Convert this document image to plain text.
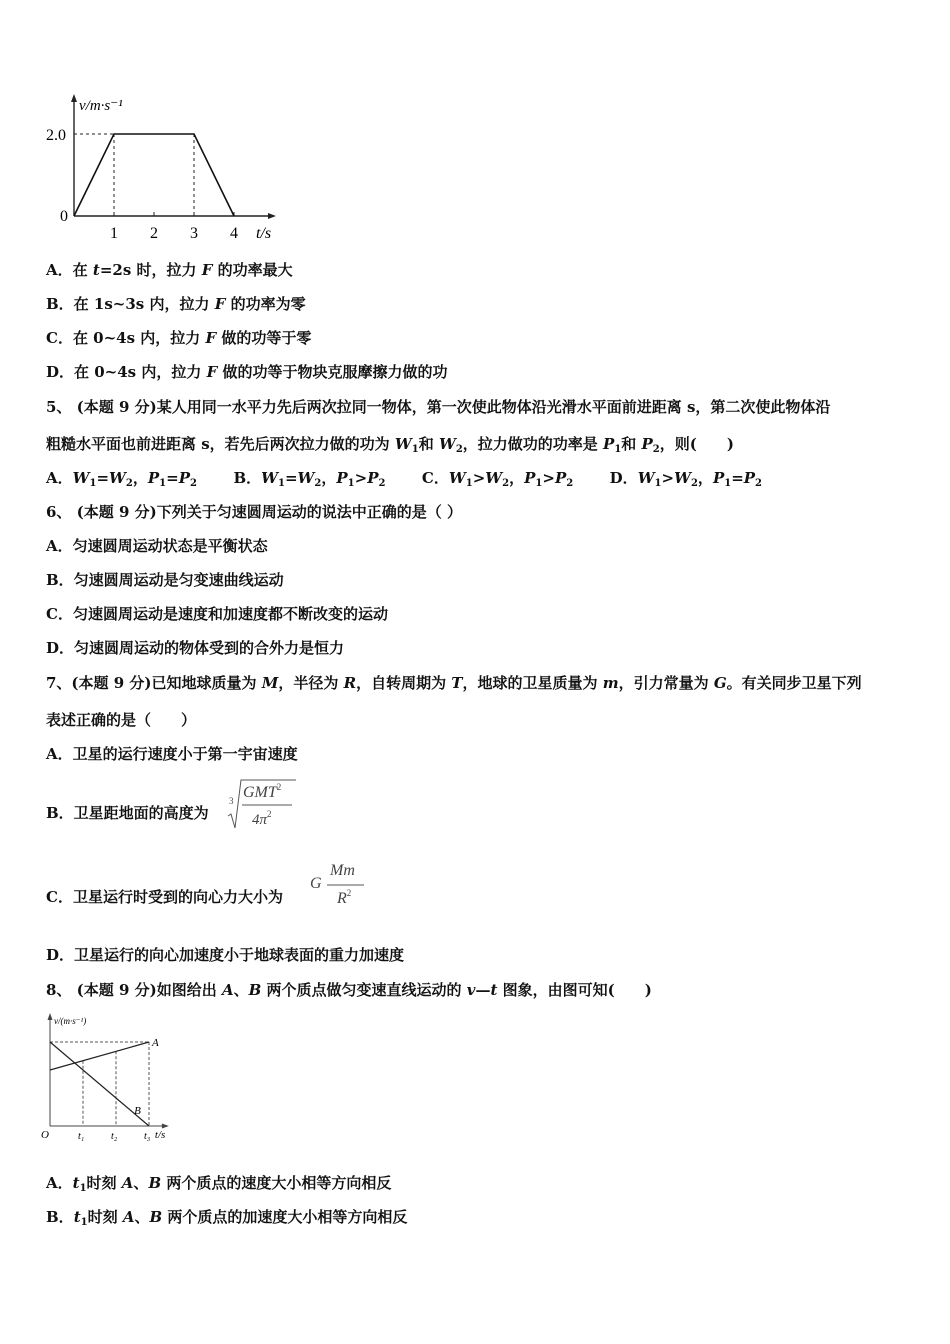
v/m·s⁻¹
t/s
0
1 2 3 4
2.0
A．在 t=2s 时，拉力 F 的功率最大
B．在 1s~3s 内，拉力 F 的功率为零
C．在 0~4s 内，拉力 F 做的功等于零
D．在 0~4s 内，拉力 F 做的功等于物块克服摩擦力做的功
5、 (本题 9 分)某人用同一水平力先后两次拉同一物体，第一次使此物体沿光滑水平面前进距离 s，第二次使此物体沿
粗糙水平面也前进距离 s，若先后两次拉力做的功为 $W_1$和 $W_2$，拉力做功的功率是 $P_1$和 $P_2$，则(　　)
A．$W_1=W_2$，$P_1=P_2$ B．$W_1=W_2$，$P_1>P_2$ C．$W_1>W_2$，$P_1>P_2$ D．$W_1>W_2$，$P_1=P_2$
6、 (本题 9 分)下列关于匀速圆周运动的说法中正确的是（ ）
A．匀速圆周运动状态是平衡状态
B．匀速圆周运动是匀变速曲线运动
C．匀速圆周运动是速度和加速度都不断改变的运动
D．匀速圆周运动的物体受到的合外力是恒力
7、(本题 9 分)已知地球质量为 M，半径为 R，自转周期为 T，地球的卫星质量为 m，引力常量为 G。有关同步卫星下列
表述正确的是（　　）
A．卫星的运行速度小于第一宇宙速度
B．卫星距地面的高度为
3 GMT$^2$
$4\pi^2$
C．卫星运行时受到的向心力大小为
G
Mm
$R^2$
D．卫星运行的向心加速度小于地球表面的重力加速度
8、 (本题 9 分)如图给出 A、B 两个质点做匀变速直线运动的 v—t 图象，由图可知(　　)
v/(m·s⁻¹)
t/s
O	t₁	t₂	t₃
A
B
A．$t_1$时刻 A、B 两个质点的速度大小相等方向相反
B．$t_1$时刻 A、B 两个质点的加速度大小相等方向相反
